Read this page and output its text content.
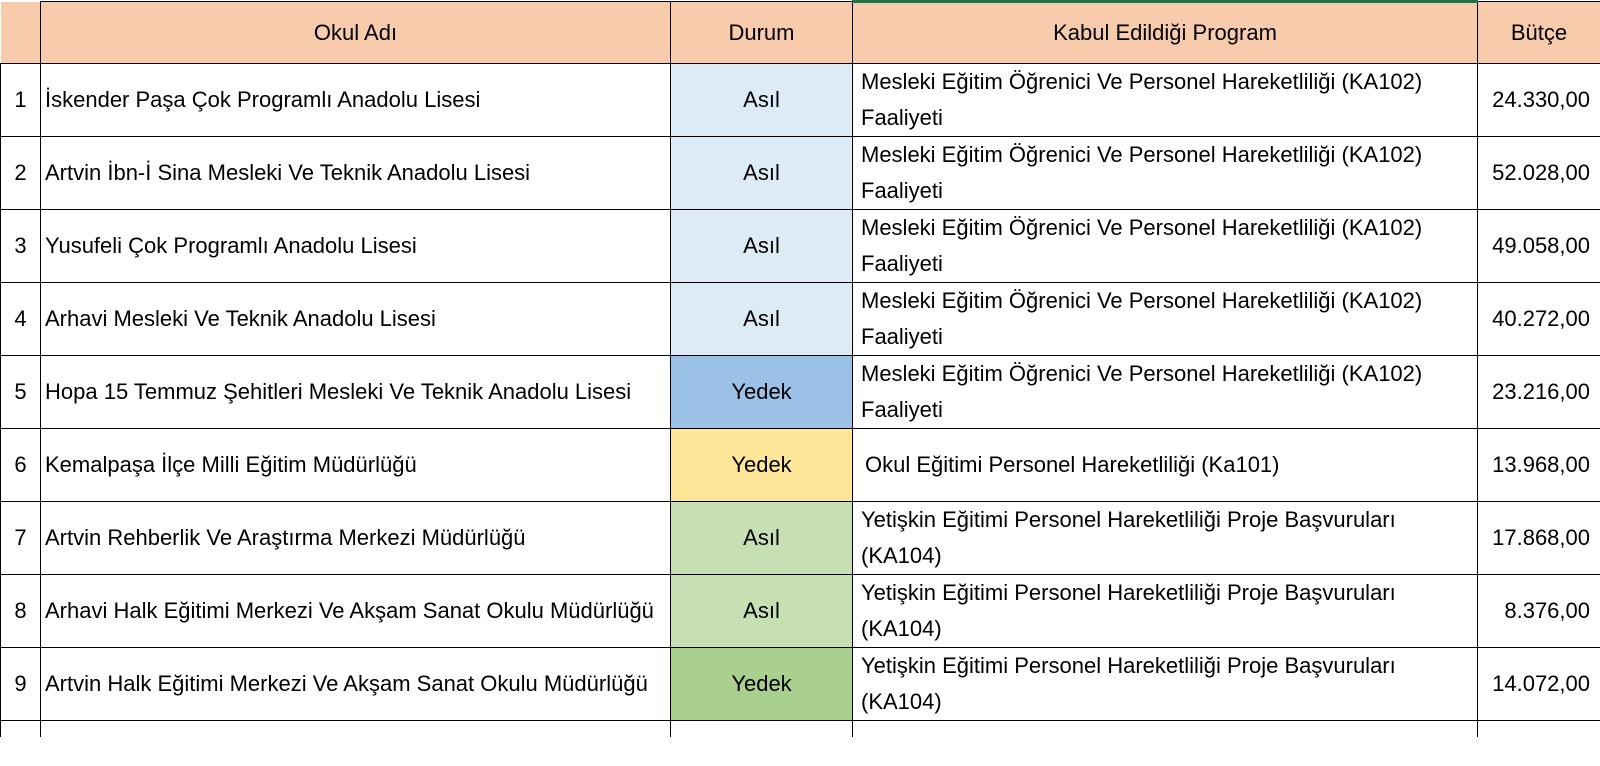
	Okul Adı	Durum	Kabul Edildiği Program	Bütçe
1	İskender Paşa Çok Programlı Anadolu Lisesi	Asıl	Mesleki Eğitim Öğrenici Ve Personel Hareketliliği (KA102) Faaliyeti	24.330,00
2	Artvin İbn-İ Sina Mesleki Ve Teknik Anadolu Lisesi	Asıl	Mesleki Eğitim Öğrenici Ve Personel Hareketliliği (KA102) Faaliyeti	52.028,00
3	Yusufeli Çok Programlı Anadolu Lisesi	Asıl	Mesleki Eğitim Öğrenici Ve Personel Hareketliliği (KA102) Faaliyeti	49.058,00
4	Arhavi Mesleki Ve Teknik Anadolu Lisesi	Asıl	Mesleki Eğitim Öğrenici Ve Personel Hareketliliği (KA102) Faaliyeti	40.272,00
5	Hopa 15 Temmuz Şehitleri Mesleki Ve Teknik Anadolu Lisesi	Yedek	Mesleki Eğitim Öğrenici Ve Personel Hareketliliği (KA102) Faaliyeti	23.216,00
6	Kemalpaşa İlçe Milli Eğitim Müdürlüğü	Yedek	Okul Eğitimi Personel Hareketliliği (Ka101)	13.968,00
7	Artvin Rehberlik Ve Araştırma Merkezi Müdürlüğü	Asıl	Yetişkin Eğitimi Personel Hareketliliği Proje Başvuruları (KA104)	17.868,00
8	Arhavi Halk Eğitimi Merkezi Ve Akşam Sanat Okulu Müdürlüğü	Asıl	Yetişkin Eğitimi Personel Hareketliliği Proje Başvuruları (KA104)	8.376,00
9	Artvin Halk Eğitimi Merkezi Ve Akşam Sanat Okulu Müdürlüğü	Yedek	Yetişkin Eğitimi Personel Hareketliliği Proje Başvuruları (KA104)	14.072,00
